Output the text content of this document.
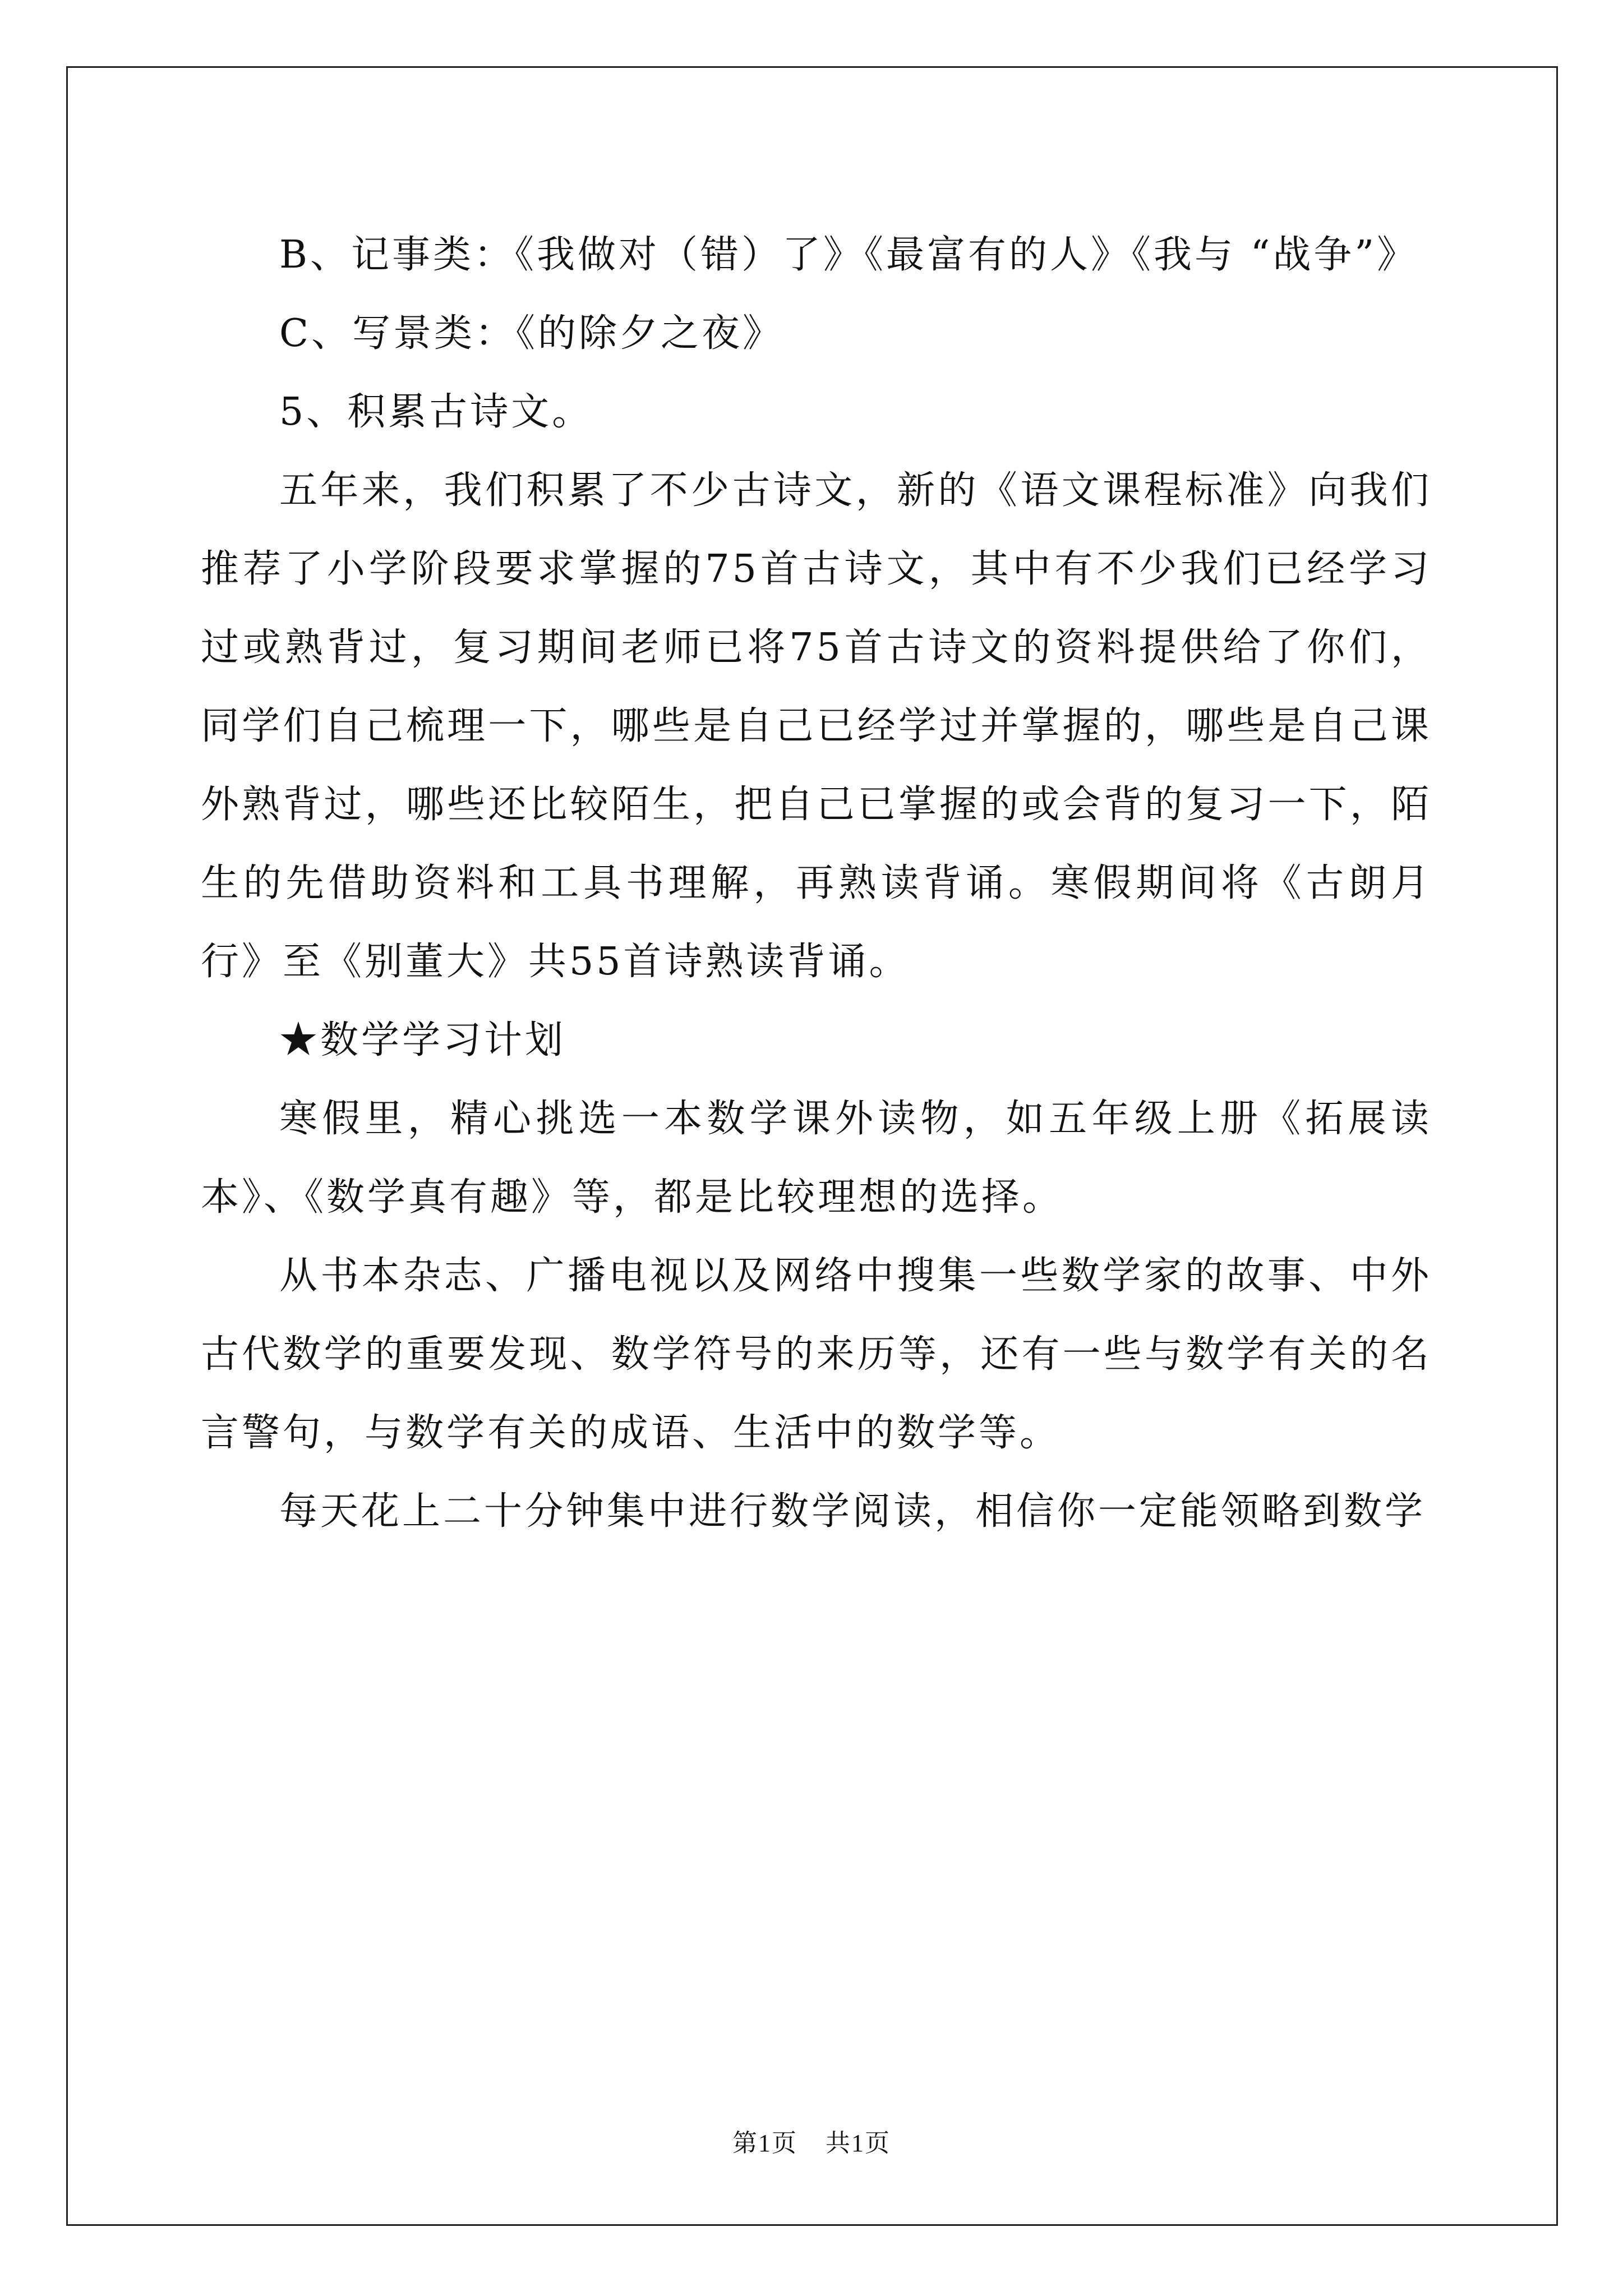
B、记事类：《我做对（错）了》《最富有的人》《我与 “战争”》

C、写景类：《的除夕之夜》

5、积累古诗文。

五年来，我们积累了不少古诗文，新的《语文课程标准》向我们推荐了小学阶段要求掌握的75首古诗文，其中有不少我们已经学习过或熟背过，复习期间老师已将75首古诗文的资料提供给了你们，同学们自己梳理一下，哪些是自己已经学过并掌握的，哪些是自己课外熟背过，哪些还比较陌生，把自己已掌握的或会背的复习一下，陌生的先借助资料和工具书理解，再熟读背诵。寒假期间将《古朗月行》至《别董大》共55首诗熟读背诵。

★数学学习计划

寒假里，精心挑选一本数学课外读物，如五年级上册《拓展读本》、《数学真有趣》等，都是比较理想的选择。

从书本杂志、广播电视以及网络中搜集一些数学家的故事、中外古代数学的重要发现、数学符号的来历等，还有一些与数学有关的名言警句，与数学有关的成语、生活中的数学等。

每天花上二十分钟集中进行数学阅读，相信你一定能领略到数学

第1页 共1页
